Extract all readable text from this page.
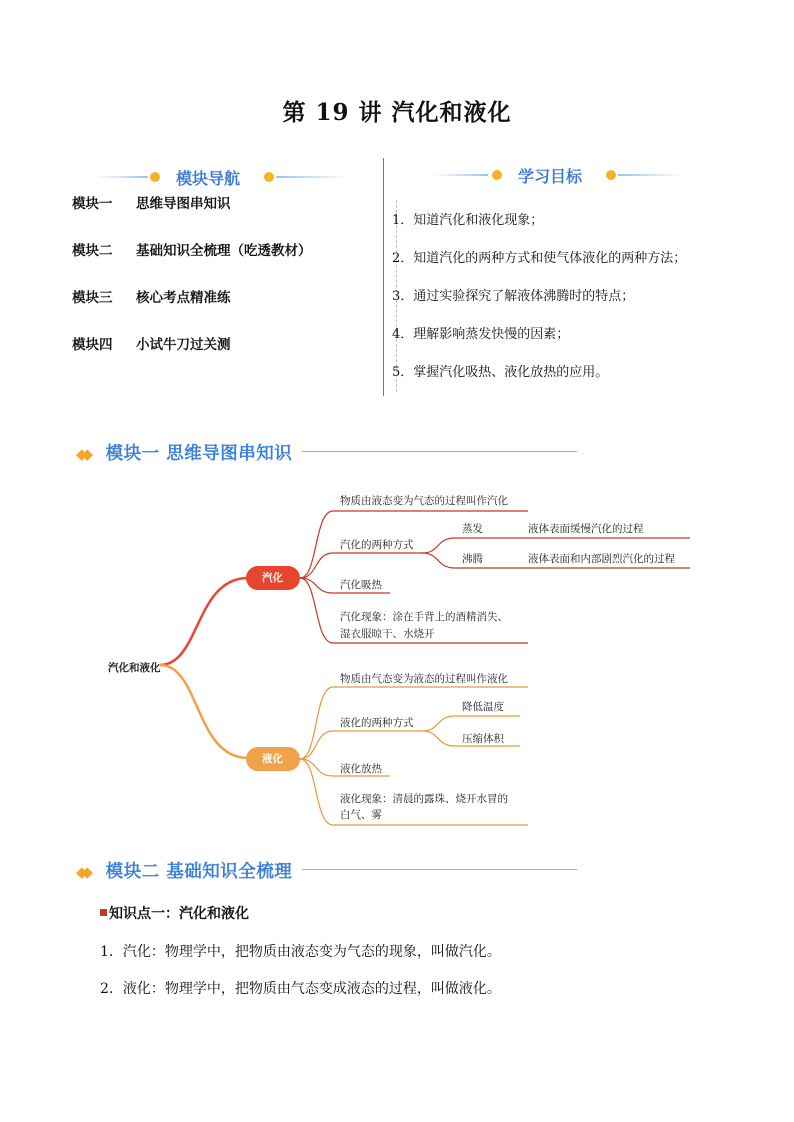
第 19 讲 汽化和液化
模块导航
模块一 思维导图串知识
模块二 基础知识全梳理（吃透教材）
模块三 核心考点精准练
模块四 小试牛刀过关测
学习目标
1．知道汽化和液化现象；
2．知道汽化的两种方式和使气体液化的两种方法；
3．通过实验探究了解液体沸腾时的特点；
4．理解影响蒸发快慢的因素；
5．掌握汽化吸热、液化放热的应用。
◆◆ 模块一 思维导图串知识
汽化和液化
汽化
物质由液态变为气态的过程叫作汽化
汽化的两种方式
蒸发	液体表面缓慢汽化的过程
沸腾	液体表面和内部剧烈汽化的过程
汽化吸热
汽化现象：涂在手背上的酒精消失、
湿衣服晾干、水烧开
液化
物质由气态变为液态的过程叫作液化
液化的两种方式
降低温度
压缩体积
液化放热
液化现象：清晨的露珠、烧开水冒的
白气、雾
◆◆ 模块二 基础知识全梳理
知识点一：汽化和液化
1．汽化：物理学中，把物质由液态变为气态的现象，叫做汽化。
2．液化：物理学中，把物质由气态变成液态的过程，叫做液化。
